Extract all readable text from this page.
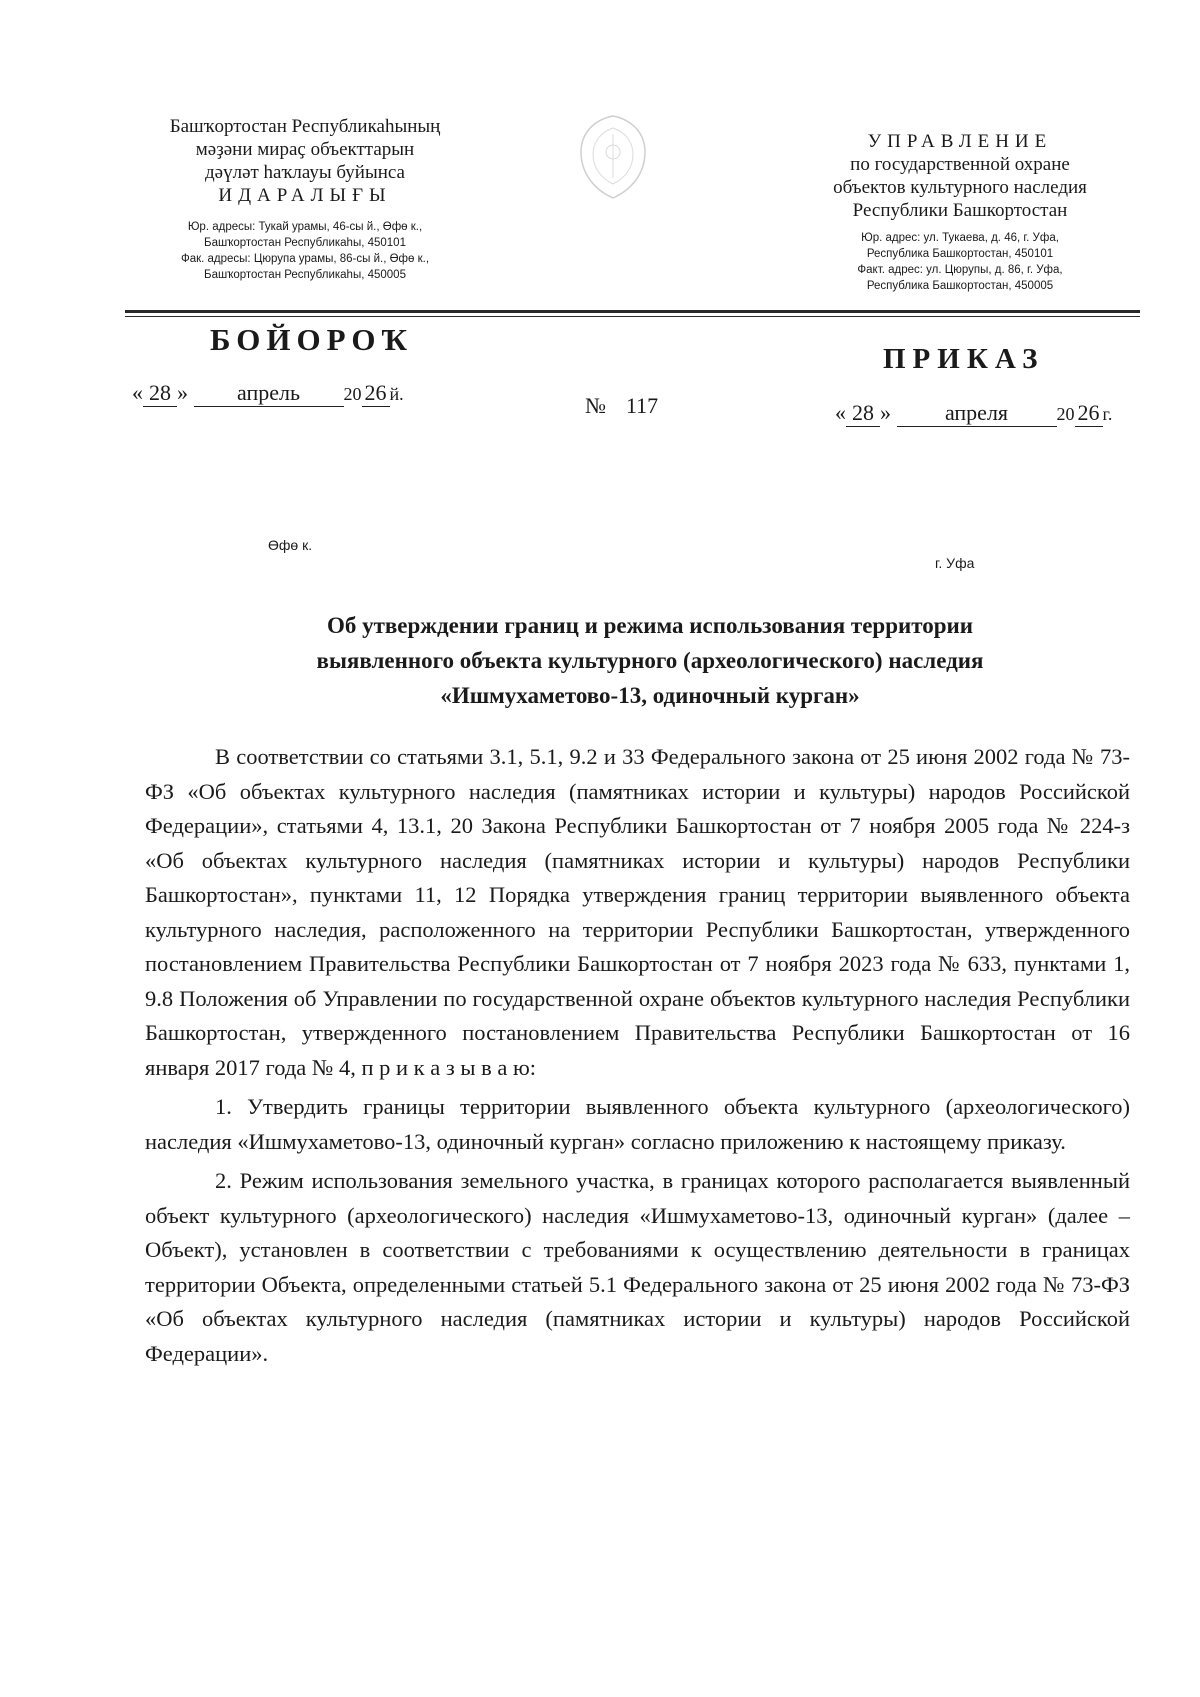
Башҡортостан Республикаһының

мәҙәни мираҫ объекттарын

дәүләт һаҡлауы буйынса

ИДАРАЛЫҒЫ

Юр. адресы: Тукай урамы, 46-сы й., Өфө к.,

Башҡортостан Республикаһы, 450101

Фак. адресы: Цюрупа урамы, 86-сы й., Өфө к.,

Башҡортостан Республикаһы, 450005

УПРАВЛЕНИЕ

по государственной охране

объектов культурного наследия

Республики Башкортостан

Юр. адрес: ул. Тукаева, д. 46, г. Уфа,

Республика Башкортостан, 450101

Факт. адрес: ул. Цюрупы, д. 86, г. Уфа,

Республика Башкортостан, 450005

БОЙОРОҠ
ПРИКАЗ
« 28 » апрель 20 26 й.	№ 117	« 28 » апреля	20 26 г.
Өфө к.
г. Уфа

Об утверждении границ и режима использования территории

выявленного объекта культурного (археологического) наследия

«Ишмухаметово-13, одиночный курган»

В соответствии со статьями 3.1, 5.1, 9.2 и 33 Федерального закона от 25 июня 2002 года № 73-ФЗ «Об объектах культурного наследия (памятниках истории и культуры) народов Российской Федерации», статьями 4, 13.1, 20 Закона Республики Башкортостан от 7 ноября 2005 года № 224-з «Об объектах культурного наследия (памятниках истории и культуры) народов Республики Башкортостан», пунктами 11, 12 Порядка утверждения границ территории выявленного объекта культурного наследия, расположенного на территории Республики Башкортостан, утвержденного постановлением Правительства Республики Башкортостан от 7 ноября 2023 года № 633, пунктами 1, 9.8 Положения об Управлении по государственной охране объектов культурного наследия Республики Башкортостан, утвержденного постановлением Правительства Республики Башкортостан от 16 января 2017 года № 4, п р и к а з ы в а ю:

1. Утвердить границы территории выявленного объекта культурного (археологического) наследия «Ишмухаметово-13, одиночный курган» согласно приложению к настоящему приказу.

2. Режим использования земельного участка, в границах которого располагается выявленный объект культурного (археологического) наследия «Ишмухаметово-13, одиночный курган» (далее – Объект), установлен в соответствии с требованиями к осуществлению деятельности в границах территории Объекта, определенными статьей 5.1 Федерального закона от 25 июня 2002 года № 73-ФЗ «Об объектах культурного наследия (памятниках истории и культуры) народов Российской Федерации».
